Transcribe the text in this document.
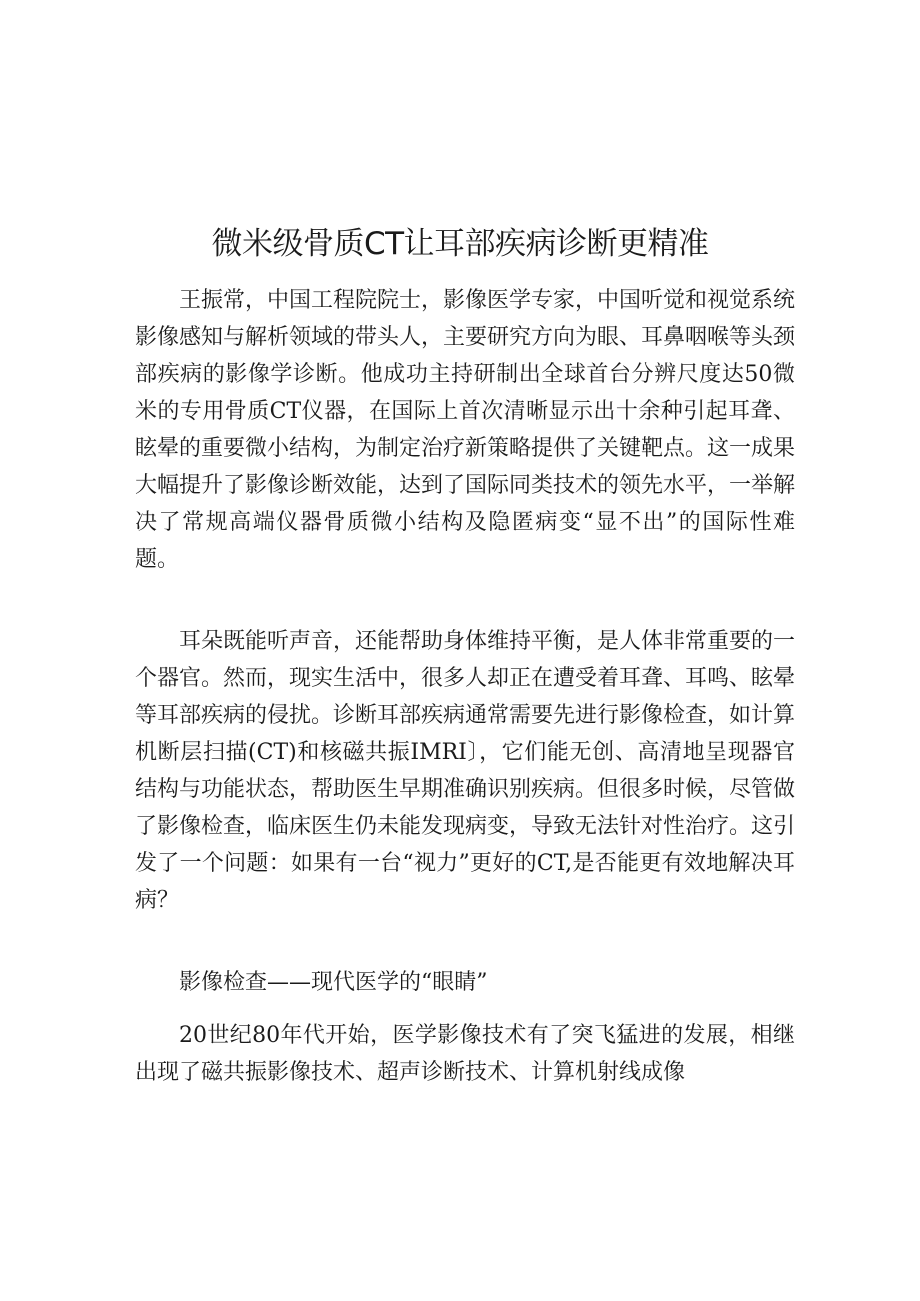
微米级骨质CT让耳部疾病诊断更精准

王振常，中国工程院院士，影像医学专家，中国听觉和视觉系统影像感知与解析领域的带头人，主要研究方向为眼、耳鼻咽喉等头颈部疾病的影像学诊断。他成功主持研制出全球首台分辨尺度达50微米的专用骨质CT仪器，在国际上首次清晰显示出十余种引起耳聋、眩晕的重要微小结构，为制定治疗新策略提供了关键靶点。这一成果大幅提升了影像诊断效能，达到了国际同类技术的领先水平，一举解决了常规高端仪器骨质微小结构及隐匿病变“显不出”的国际性难题。

耳朵既能听声音，还能帮助身体维持平衡，是人体非常重要的一个器官。然而，现实生活中，很多人却正在遭受着耳聋、耳鸣、眩晕等耳部疾病的侵扰。诊断耳部疾病通常需要先进行影像检查，如计算机断层扫描(CT)和核磁共振IMRI〕，它们能无创、高清地呈现器官结构与功能状态，帮助医生早期准确识别疾病。但很多时候，尽管做了影像检查，临床医生仍未能发现病变，导致无法针对性治疗。这引发了一个问题：如果有一台“视力”更好的CT,是否能更有效地解决耳病？

影像检查——现代医学的“眼睛”

20世纪80年代开始，医学影像技术有了突飞猛进的发展，相继出现了磁共振影像技术、超声诊断技术、计算机射线成像
